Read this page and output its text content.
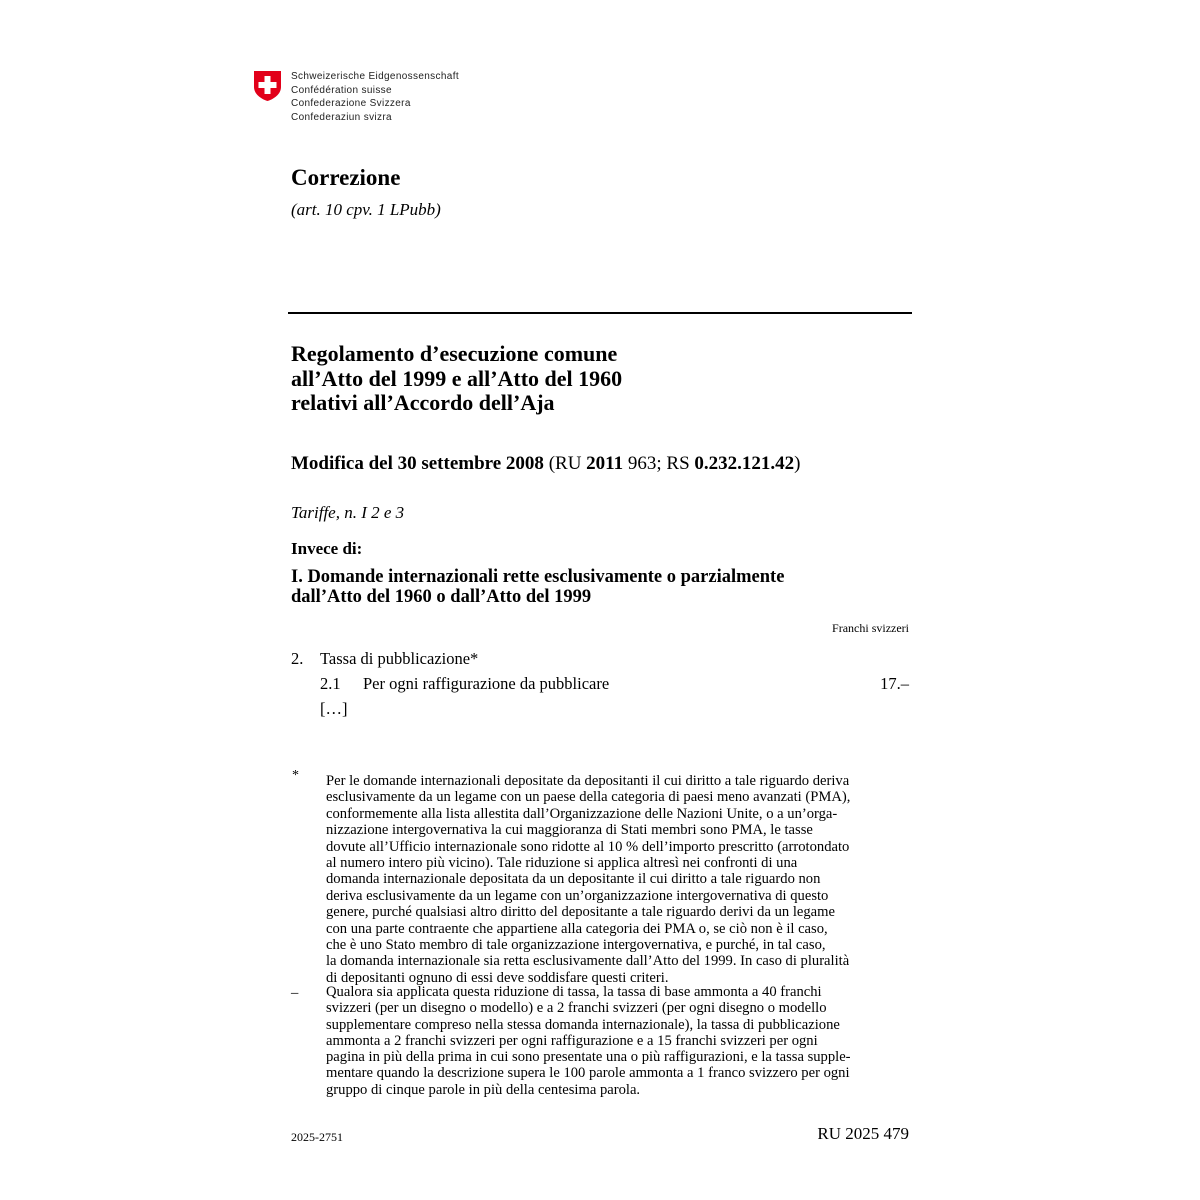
Schweizerische Eidgenossenschaft
Confédération suisse
Confederazione Svizzera
Confederaziun svizra
Correzione
(art. 10 cpv. 1 LPubb)
Regolamento d’esecuzione comune
all’Atto del 1999 e all’Atto del 1960
relativi all’Accordo dell’Aja
Modifica del 30 settembre 2008 (RU 2011 963; RS 0.232.121.42)
Tariffe, n. I 2 e 3
Invece di:
I. Domande internazionali rette esclusivamente o parzialmente
dall’Atto del 1960 o dall’Atto del 1999
Franchi svizzeri
2. Tassa di pubblicazione*
2.1 Per ogni raffigurazione da pubblicare	17.–
[…]
* Per le domande internazionali depositate da depositanti il cui diritto a tale riguardo deriva
esclusivamente da un legame con un paese della categoria di paesi meno avanzati (PMA),
conformemente alla lista allestita dall’Organizzazione delle Nazioni Unite, o a un’orga-
nizzazione intergovernativa la cui maggioranza di Stati membri sono PMA, le tasse
dovute all’Ufficio internazionale sono ridotte al 10 % dell’importo prescritto (arrotondato
al numero intero più vicino). Tale riduzione si applica altresì nei confronti di una
domanda internazionale depositata da un depositante il cui diritto a tale riguardo non
deriva esclusivamente da un legame con un’organizzazione intergovernativa di questo
genere, purché qualsiasi altro diritto del depositante a tale riguardo derivi da un legame
con una parte contraente che appartiene alla categoria dei PMA o, se ciò non è il caso,
che è uno Stato membro di tale organizzazione intergovernativa, e purché, in tal caso,
la domanda internazionale sia retta esclusivamente dall’Atto del 1999. In caso di pluralità
di depositanti ognuno di essi deve soddisfare questi criteri.
– Qualora sia applicata questa riduzione di tassa, la tassa di base ammonta a 40 franchi
svizzeri (per un disegno o modello) e a 2 franchi svizzeri (per ogni disegno o modello
supplementare compreso nella stessa domanda internazionale), la tassa di pubblicazione
ammonta a 2 franchi svizzeri per ogni raffigurazione e a 15 franchi svizzeri per ogni
pagina in più della prima in cui sono presentate una o più raffigurazioni, e la tassa supple-
mentare quando la descrizione supera le 100 parole ammonta a 1 franco svizzero per ogni
gruppo di cinque parole in più della centesima parola.
2025-2751	RU 2025 479
